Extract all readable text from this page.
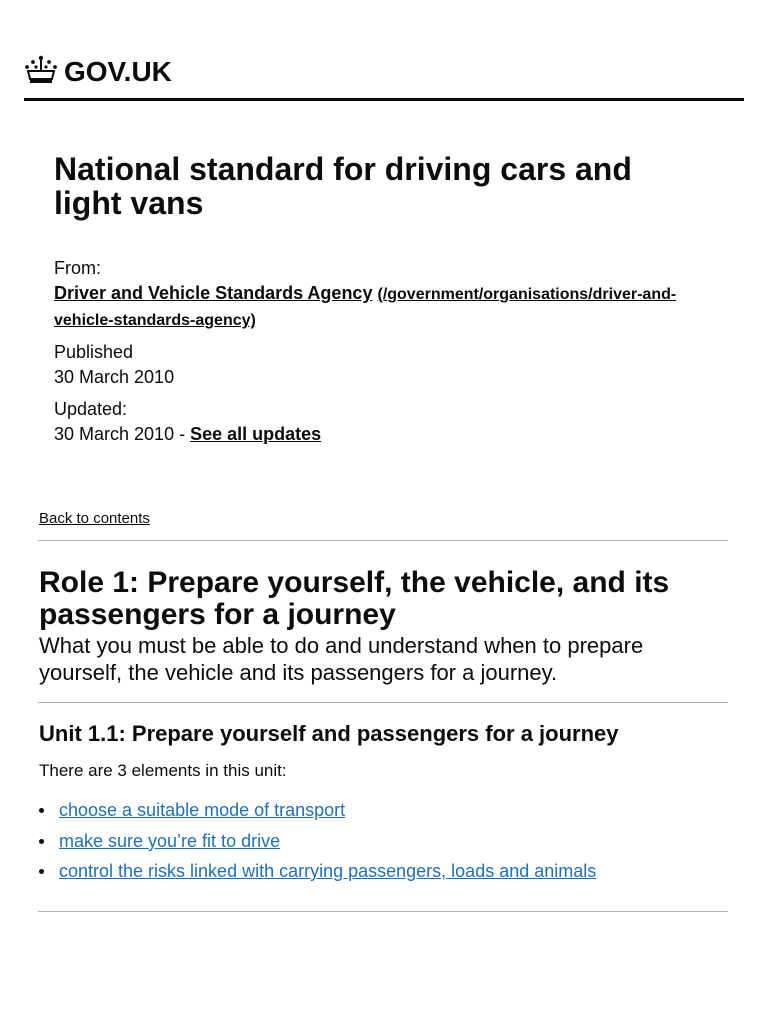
GOV.UK
National standard for driving cars and light vans

From:

Driver and Vehicle Standards Agency (/government/organisations/driver-and-vehicle-standards-agency)

Published

30 March 2010

Updated:

30 March 2010 - See all updates

Back to contents
Role 1: Prepare yourself, the vehicle, and its passengers for a journey

What you must be able to do and understand when to prepare yourself, the vehicle and its passengers for a journey.

Unit 1.1: Prepare yourself and passengers for a journey

There are 3 elements in this unit:

choose a suitable mode of transport
make sure you’re fit to drive
control the risks linked with carrying passengers, loads and animals
